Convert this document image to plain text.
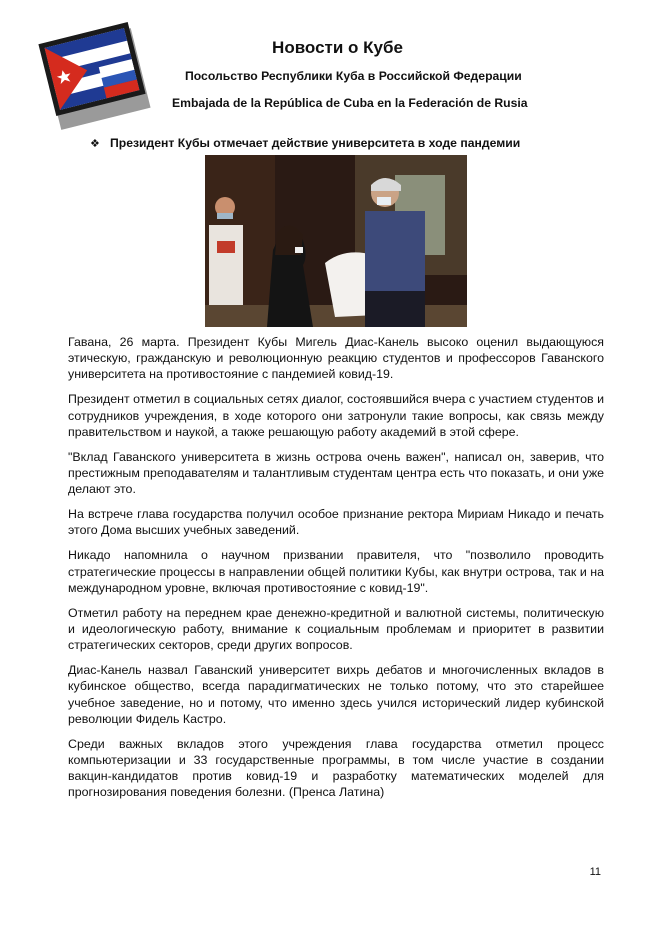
Новости о Кубе
Посольство Республики Куба в Российской Федерации
Embajada de la República de Cuba en la Federación de Rusia
❖ Президент Кубы отмечает действие университета в ходе пандемии

Гавана, 26 марта. Президент Кубы Мигель Диас-Канель высоко оценил выдающуюся этическую, гражданскую и революционную реакцию студентов и профессоров Гаванского университета на противостояние с пандемией ковид-19.

Президент отметил в социальных сетях диалог, состоявшийся вчера с участием студентов и сотрудников учреждения, в ходе которого они затронули такие вопросы, как связь между правительством и наукой, а также решающую работу академий в этой сфере.

"Вклад Гаванского университета в жизнь острова очень важен", написал он, заверив, что престижным преподавателям и талантливым студентам центра есть что показать, и они уже делают это.

На встрече глава государства получил особое признание ректора Мириам Никадо и печать этого Дома высших учебных заведений.

Никадо напомнила о научном призвании правителя, что "позволило проводить стратегические процессы в направлении общей политики Кубы, как внутри острова, так и на международном уровне, включая противостояние с ковид-19".

Отметил работу на переднем крае денежно-кредитной и валютной системы, политическую и идеологическую работу, внимание к социальным проблемам и приоритет в развитии стратегических секторов, среди других вопросов.

Диас-Канель назвал Гаванский университет вихрь дебатов и многочисленных вкладов в кубинское общество, всегда парадигматических не только потому, что это старейшее учебное заведение, но и потому, что именно здесь учился исторический лидер кубинской революции Фидель Кастро.

Среди важных вкладов этого учреждения глава государства отметил процесс компьютеризации и 33 государственные программы, в том числе участие в создании вакцин-кандидатов против ковид-19 и разработку математических моделей для прогнозирования поведения болезни. (Пренса Латина)

11
